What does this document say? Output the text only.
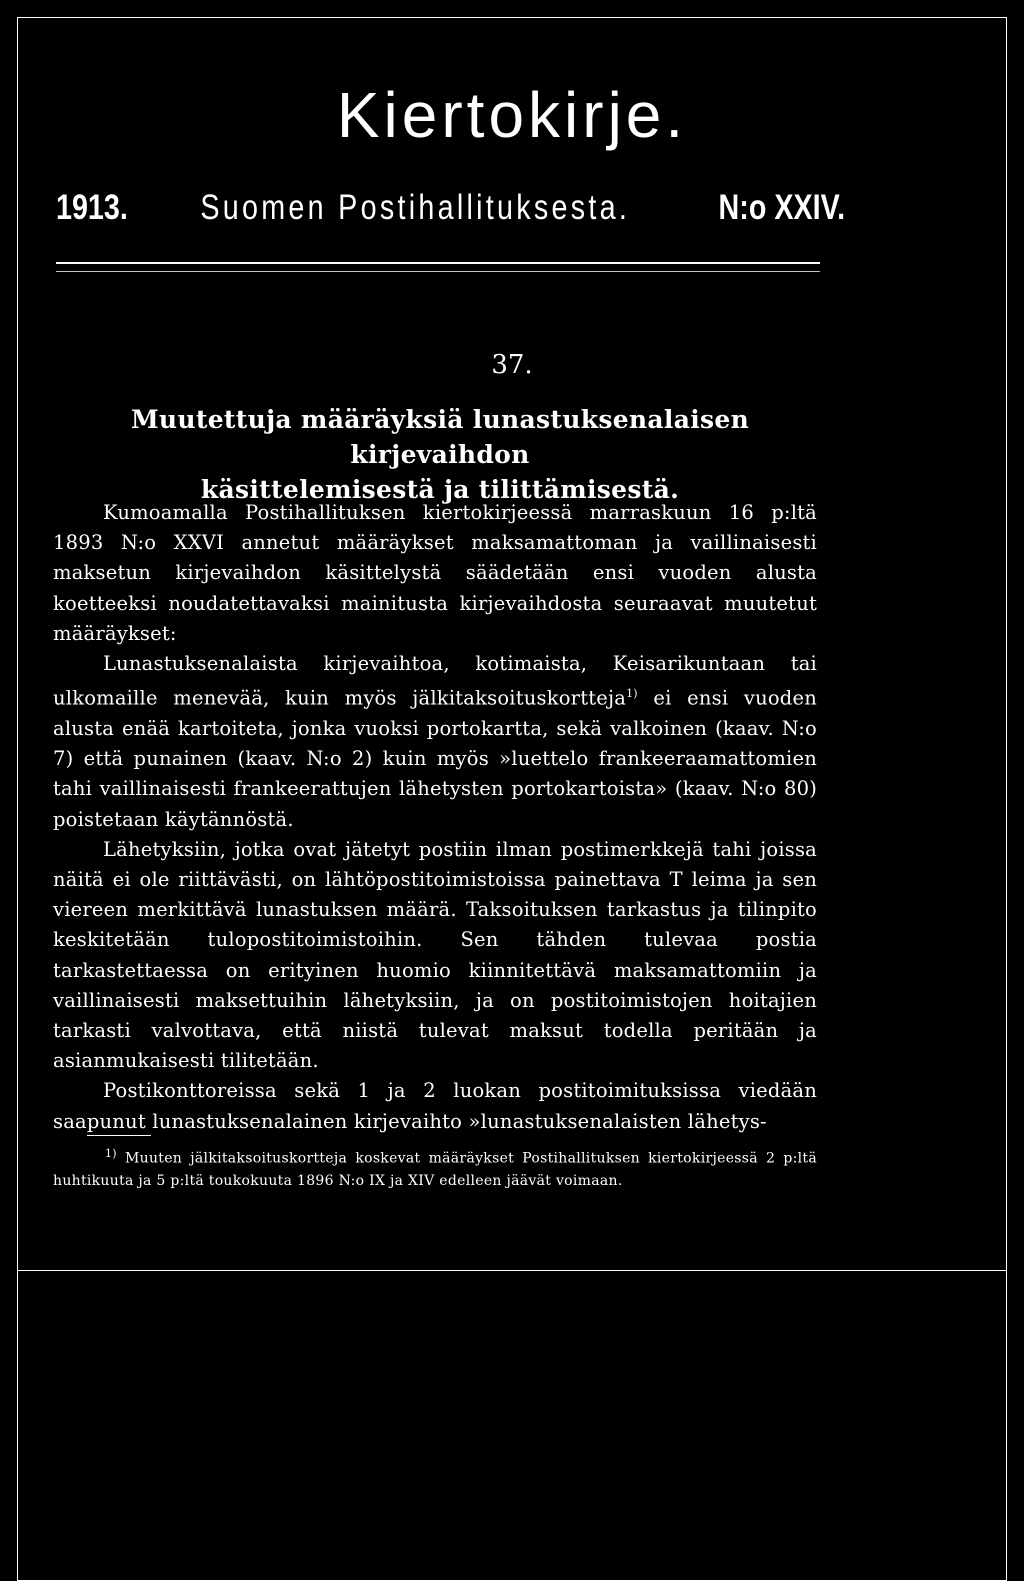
Kiertokirje.
1913. Suomen Postihallituksesta.	N:o XXIV.
37.
Muutettuja määräyksiä lunastuksenalaisen kirjevaihdon
käsittelemisestä ja tilittämisestä.

Kumoamalla Postihallituksen kiertokirjeessä marraskuun 16 p:ltä 1893 N:o XXVI annetut määräykset maksamattoman ja vaillinaisesti maksetun kirjevaihdon käsittelystä säädetään ensi vuoden alusta koetteeksi noudatettavaksi mainitusta kirjevaihdosta seuraavat muutetut määräykset:

Lunastuksenalaista kirjevaihtoa, kotimaista, Keisarikuntaan tai ulkomaille menevää, kuin myös jälkitaksoituskortteja$^{1)}$ ei ensi vuoden alusta enää kartoiteta, jonka vuoksi portokartta, sekä valkoinen (kaav. N:o 7) että punainen (kaav. N:o 2) kuin myös »luettelo frankeeraamattomien tahi vaillinaisesti frankeerattujen lähetysten portokartoista» (kaav. N:o 80) poistetaan käytännöstä.

Lähetyksiin, jotka ovat jätetyt postiin ilman postimerkkejä tahi joissa näitä ei ole riittävästi, on lähtöpostitoimistoissa painettava T leima ja sen viereen merkittävä lunastuksen määrä. Taksoituksen tarkastus ja tilinpito keskitetään tulopostitoimistoihin. Sen tähden tulevaa postia tarkastettaessa on erityinen huomio kiinnitettävä maksamattomiin ja vaillinaisesti maksettuihin lähetyksiin, ja on postitoimistojen hoitajien tarkasti valvottava, että niistä tulevat maksut todella peritään ja asianmukaisesti tilitetään.

Postikonttoreissa sekä 1 ja 2 luokan postitoimituksissa viedään saapunut lunastuksenalainen kirjevaihto »lunastuksenalaisten lähetys-

$^{1)}$ Muuten jälkitaksoituskortteja koskevat määräykset Postihallituksen kiertokirjeessä 2 p:ltä huhtikuuta ja 5 p:ltä toukokuuta 1896 N:o IX ja XIV edelleen jäävät voimaan.
